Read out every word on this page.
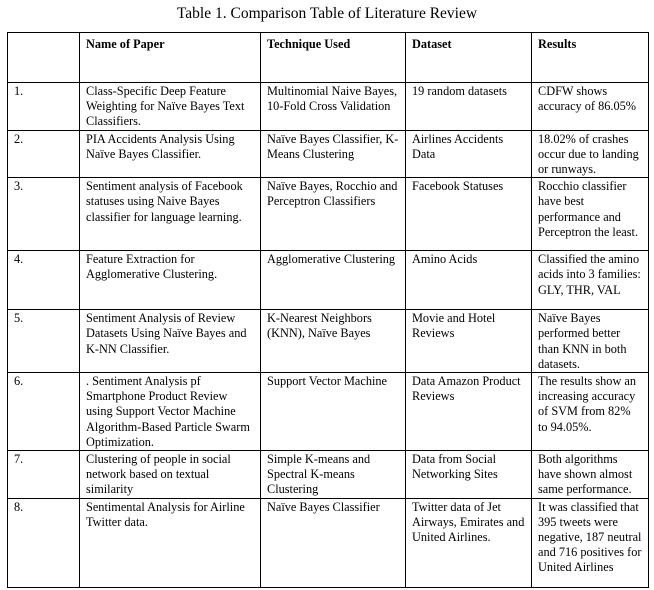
Table 1. Comparison Table of Literature Review
	Name of Paper	Technique Used	Dataset	Results
1.	Class-Specific Deep Feature Weighting for Naïve Bayes Text Classifiers.	Multinomial Naive Bayes, 10-Fold Cross Validation	19 random datasets	CDFW shows accuracy of 86.05%
2.	PIA Accidents Analysis Using Naïve Bayes Classifier.	Naïve Bayes Classifier, K-Means Clustering	Airlines Accidents Data	18.02% of crashes occur due to landing or runways.
3.	Sentiment analysis of Facebook statuses using Naive Bayes classifier for language learning.	Naïve Bayes, Rocchio and Perceptron Classifiers	Facebook Statuses	Rocchio classifier have best performance and Perceptron the least.
4.	Feature Extraction for Agglomerative Clustering.	Agglomerative Clustering	Amino Acids	Classified the amino acids into 3 families: GLY, THR, VAL
5.	Sentiment Analysis of Review Datasets Using Naïve Bayes and K-NN Classifier.	K-Nearest Neighbors (KNN), Naïve Bayes	Movie and Hotel Reviews	Naïve Bayes performed better than KNN in both datasets.
6.	. Sentiment Analysis pf Smartphone Product Review using Support Vector Machine Algorithm-Based Particle Swarm Optimization.	Support Vector Machine	Data Amazon Product Reviews	The results show an increasing accuracy of SVM from 82% to 94.05%.
7.	Clustering of people in social network based on textual similarity	Simple K-means and Spectral K-means Clustering	Data from Social Networking Sites	Both algorithms have shown almost same performance.
8.	Sentimental Analysis for Airline Twitter data.	Naïve Bayes Classifier	Twitter data of Jet Airways, Emirates and United Airlines.	It was classified that 395 tweets were negative, 187 neutral and 716 positives for United Airlines
